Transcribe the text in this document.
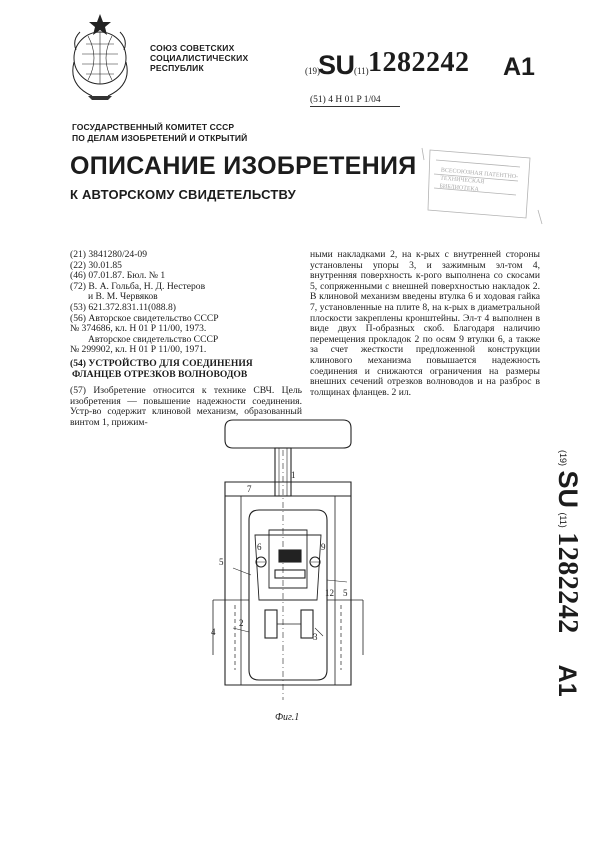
СОЮЗ СОВЕТСКИХ
СОЦИАЛИСТИЧЕСКИХ
РЕСПУБЛИК	(19)
SU (11) 1282242 A1
(51) 4 H 01 P 1/04
ГОСУДАРСТВЕННЫЙ КОМИТЕТ СССР
ПО ДЕЛАМ ИЗОБРЕТЕНИЙ И ОТКРЫТИЙ
ОПИСАНИЕ ИЗОБРЕТЕНИЯ
К АВТОРСКОМУ СВИДЕТЕЛЬСТВУ
ВСЕСОЮЗНАЯ ПАТЕНТНО-ТЕХНИЧЕСКАЯ БИБЛИОТЕКА
(21) 3841280/24-09
(22) 30.01.85
(46) 07.01.87. Бюл. № 1
(72) В. А. Гольба, Н. Д. Нестеров
и В. М. Червяков
(53) 621.372.831.11(088.8)
(56) Авторское свидетельство СССР
№ 374686, кл. Н 01 Р 11/00, 1973.
Авторское свидетельство СССР
№ 299902, кл. Н 01 Р 11/00, 1971.
(54) УСТРОЙСТВО ДЛЯ СОЕДИНЕНИЯ
ФЛАНЦЕВ ОТРЕЗКОВ ВОЛНОВОДОВ
(57) Изобретение относится к технике СВЧ. Цель изобретения — повышение надежности соединения. Устр-во содержит клиновой механизм, образованный винтом 1, прижим-
ными накладками 2, на к-рых с внутренней стороны установлены упоры 3, и зажимным эл-том 4, внутренняя поверхность к-рого выполнена со скосами 5, сопряженными с внешней поверхностью накладок 2. В клиновой механизм введены втулка 6 и ходовая гайка 7, установленные на плите 8, на к-рых в диаметральной плоскости закреплены кронштейны. Эл-т 4 выполнен в виде двух П-образных скоб. Благодаря наличию перемещения прокладок 2 по осям 9 втулки 6, а также за счет жесткости предложенной конструкции клинового механизма повышается надежность соединения и снижаются ограничения на размеры внешних сечений отрезков волноводов и на разброс в толщинах фланцев. 2 ил.
(19) SU (11) 1282242  A1
1
7
6	9
5
12 5
2
3
4
Фиг.1
